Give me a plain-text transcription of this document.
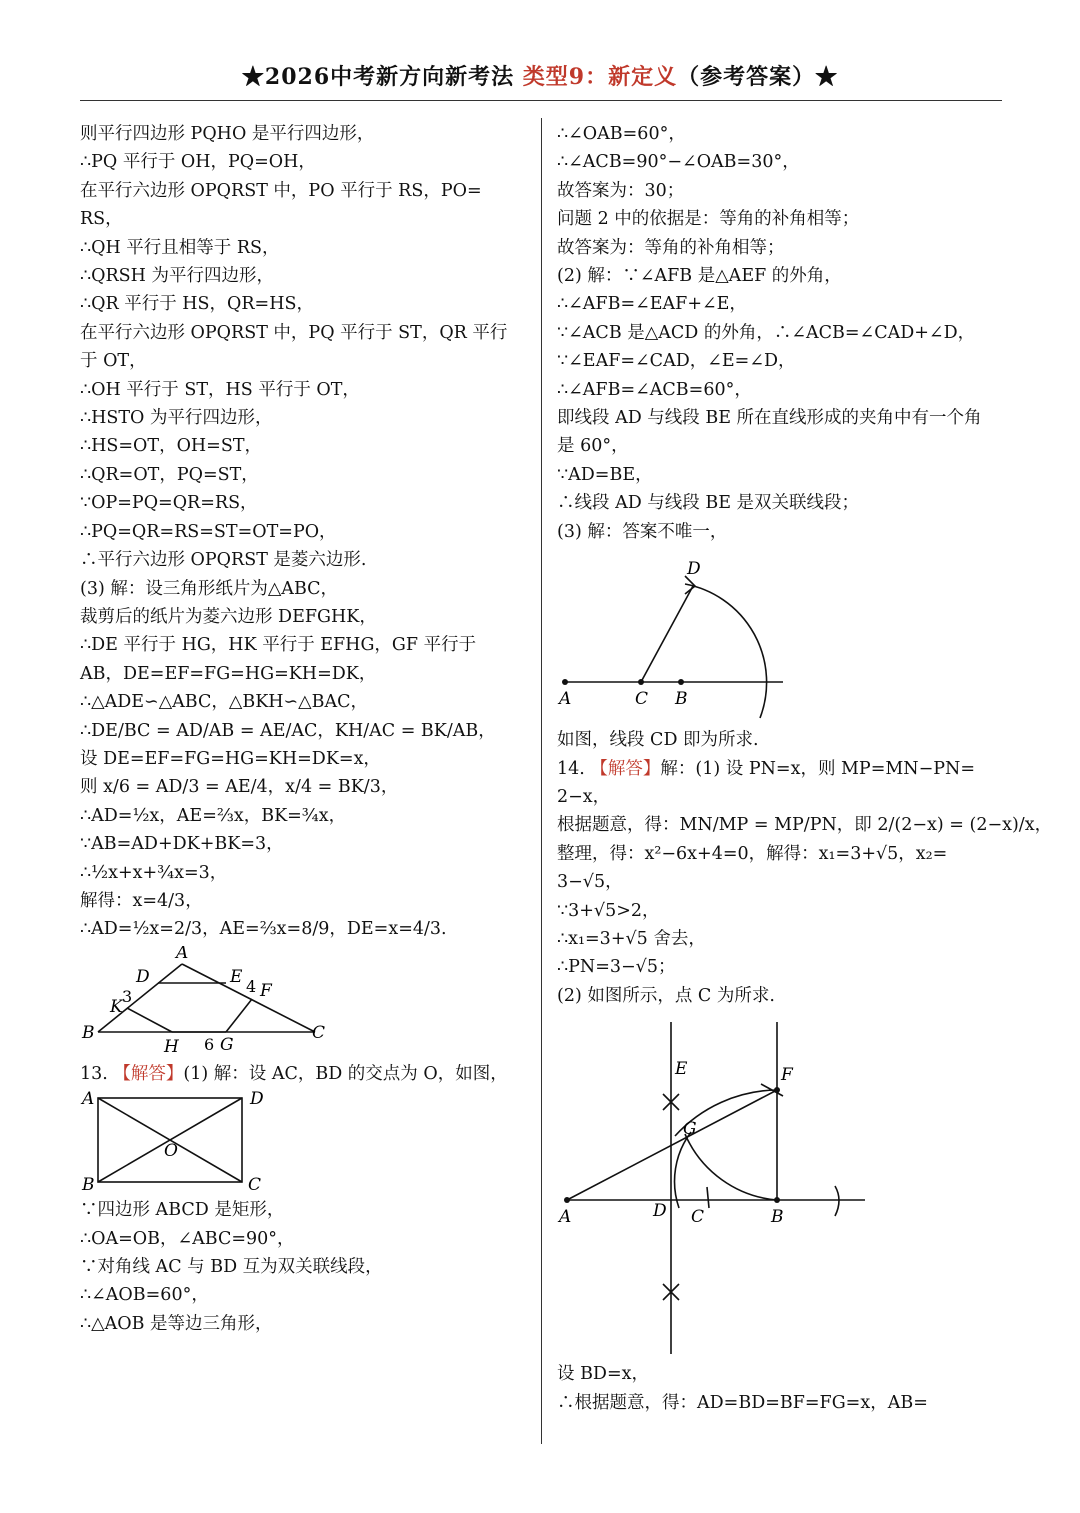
★2026中考新方向新考法 类型9：新定义（参考答案）★
则平行四边形 PQHO 是平行四边形，
∴PQ 平行于 OH，PQ=OH，
在平行六边形 OPQRST 中，PO 平行于 RS，PO=
RS，
∴QH 平行且相等于 RS，
∴QRSH 为平行四边形，
∴QR 平行于 HS，QR=HS，
在平行六边形 OPQRST 中，PQ 平行于 ST，QR 平行
于 OT，
∴OH 平行于 ST，HS 平行于 OT，
∴HSTO 为平行四边形，
∴HS=OT，OH=ST，
∴QR=OT，PQ=ST，
∵OP=PQ=QR=RS，
∴PQ=QR=RS=ST=OT=PO，
∴平行六边形 OPQRST 是菱六边形.
(3) 解：设三角形纸片为△ABC，
裁剪后的纸片为菱六边形 DEFGHK，
∴DE 平行于 HG，HK 平行于 EFHG，GF 平行于
AB，DE=EF=FG=HG=KH=DK，
∴△ADE∽△ABC，△BKH∽△BAC，
∴DE/BC = AD/AB = AE/AC，KH/AC = BK/AB，
设 DE=EF=FG=HG=KH=DK=x，
则 x/6 = AD/3 = AE/4，x/4 = BK/3，
∴AD=½x，AE=⅔x，BK=¾x，
∵AB=AD+DK+BK=3，
∴½x+x+¾x=3，
解得：x=4/3，
∴AD=½x=2/3，AE=⅔x=8/9，DE=x=4/3.
A
B	C
D	E 4 F
G
6
H
K
3
13. 【解答】(1) 解：设 AC，BD 的交点为 O，如图，
A	D
B	C
O
∵四边形 ABCD 是矩形，
∴OA=OB，∠ABC=90°，
∵对角线 AC 与 BD 互为双关联线段，
∴∠AOB=60°，
∴△AOB 是等边三角形，
∴∠OAB=60°，
∴∠ACB=90°−∠OAB=30°，
故答案为：30；
问题 2 中的依据是：等角的补角相等；
故答案为：等角的补角相等；
(2) 解：∵∠AFB 是△AEF 的外角，
∴∠AFB=∠EAF+∠E，
∵∠ACB 是△ACD 的外角，∴∠ACB=∠CAD+∠D，
∵∠EAF=∠CAD，∠E=∠D，
∴∠AFB=∠ACB=60°，
即线段 AD 与线段 BE 所在直线形成的夹角中有一个角
是 60°，
∵AD=BE，
∴线段 AD 与线段 BE 是双关联线段；
(3) 解：答案不唯一，
A	C B
D
如图，线段 CD 即为所求.
14. 【解答】解：(1) 设 PN=x，则 MP=MN−PN=
2−x，
根据题意，得：MN/MP = MP/PN，即 2/(2−x) = (2−x)/x，
整理，得：x²−6x+4=0，解得：x₁=3+√5，x₂=
3−√5，
∵3+√5>2，
∴x₁=3+√5 舍去，
∴PN=3−√5；
(2) 如图所示，点 C 为所求.
A	D C	B
E	F
G
设 BD=x，
∴根据题意，得：AD=BD=BF=FG=x，AB=
